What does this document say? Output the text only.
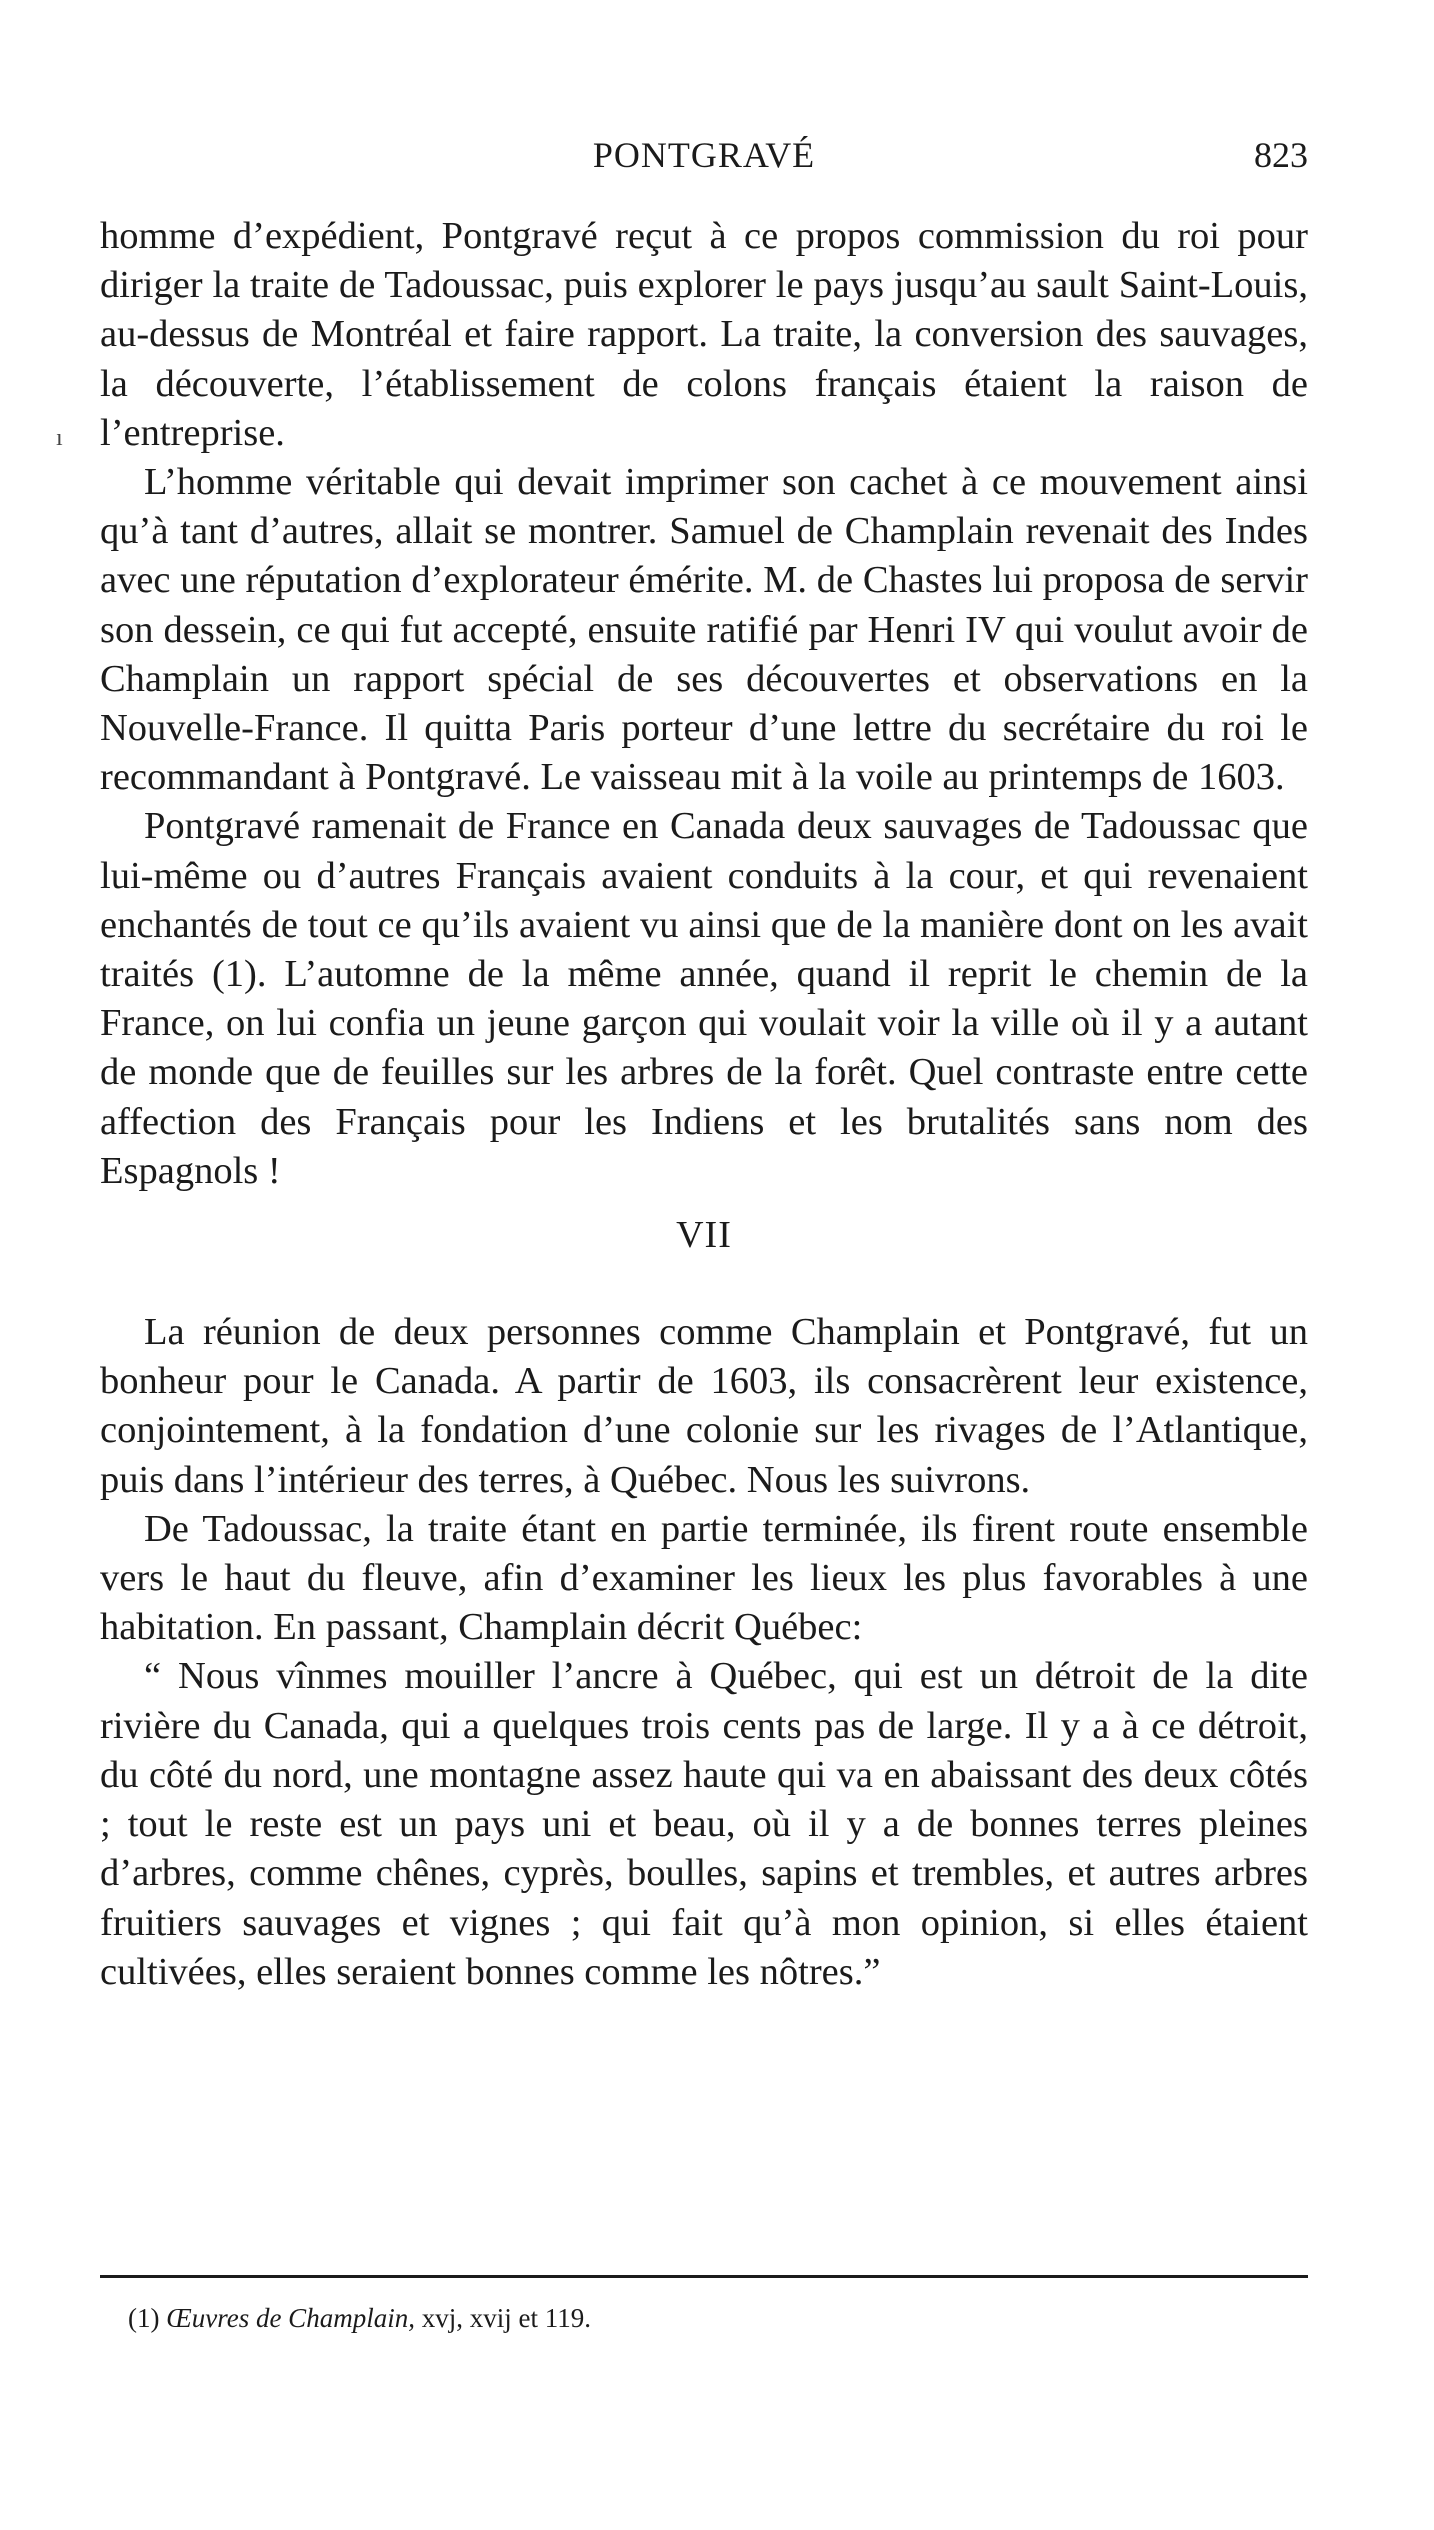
PONTGRAVÉ	823
ı

homme d’expédient, Pontgravé reçut à ce propos commission du roi pour diriger la traite de Tadoussac, puis explorer le pays jusqu’au sault Saint-Louis, au-dessus de Montréal et faire rapport. La traite, la conversion des sauvages, la découverte, l’établissement de colons français étaient la raison de l’entreprise.

L’homme véritable qui devait imprimer son cachet à ce mouvement ainsi qu’à tant d’autres, allait se montrer. Samuel de Champlain revenait des Indes avec une réputation d’explorateur émérite. M. de Chastes lui proposa de servir son dessein, ce qui fut accepté, ensuite ratifié par Henri IV qui voulut avoir de Champlain un rapport spécial de ses découvertes et observations en la Nouvelle-France. Il quitta Paris porteur d’une lettre du secrétaire du roi le recommandant à Pontgravé. Le vaisseau mit à la voile au printemps de 1603.

Pontgravé ramenait de France en Canada deux sauvages de Tadoussac que lui-même ou d’autres Français avaient conduits à la cour, et qui revenaient enchantés de tout ce qu’ils avaient vu ainsi que de la manière dont on les avait traités (1). L’automne de la même année, quand il reprit le chemin de la France, on lui confia un jeune garçon qui voulait voir la ville où il y a autant de monde que de feuilles sur les arbres de la forêt. Quel contraste entre cette affection des Français pour les Indiens et les brutalités sans nom des Espagnols !

VII

La réunion de deux personnes comme Champlain et Pontgravé, fut un bonheur pour le Canada. A partir de 1603, ils consacrèrent leur existence, conjointement, à la fondation d’une colonie sur les rivages de l’Atlantique, puis dans l’intérieur des terres, à Québec. Nous les suivrons.

De Tadoussac, la traite étant en partie terminée, ils firent route ensemble vers le haut du fleuve, afin d’examiner les lieux les plus favorables à une habitation. En passant, Champlain décrit Québec:

“ Nous vînmes mouiller l’ancre à Québec, qui est un détroit de la dite rivière du Canada, qui a quelques trois cents pas de large. Il y a à ce détroit, du côté du nord, une montagne assez haute qui va en abaissant des deux côtés ; tout le reste est un pays uni et beau, où il y a de bonnes terres pleines d’arbres, comme chênes, cyprès, boulles, sapins et trembles, et autres arbres fruitiers sauvages et vignes ; qui fait qu’à mon opinion, si elles étaient cultivées, elles seraient bonnes comme les nôtres.”

(1) Œuvres de Champlain, xvj, xvij et 119.
